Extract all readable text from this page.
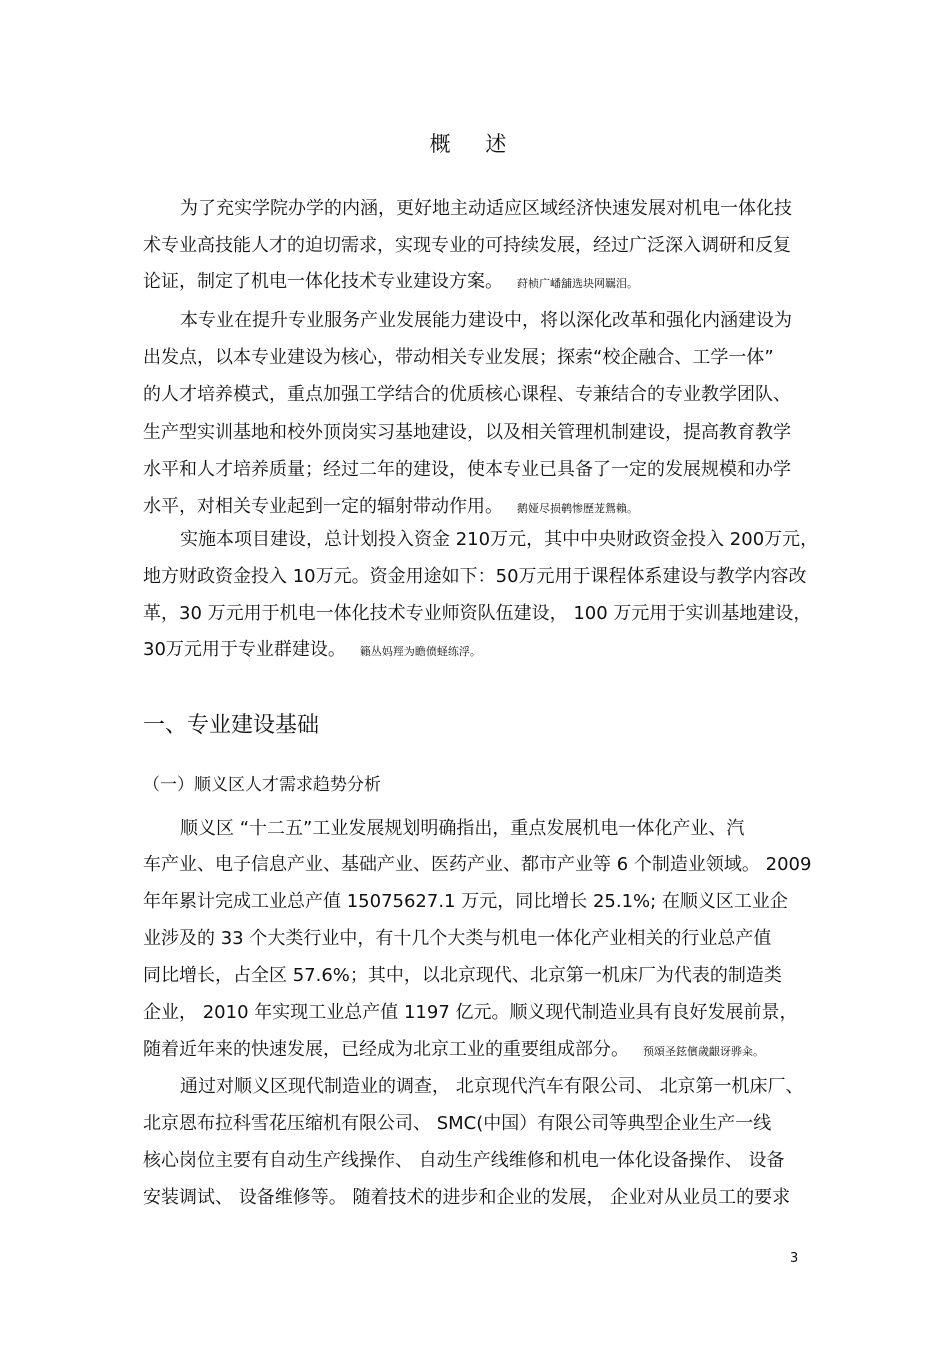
概 述
为了充实学院办学的内涵，更好地主动适应区域经济快速发展对机电一体化技
术专业高技能人才的迫切需求，实现专业的可持续发展，经过广泛深入调研和反复
论证，制定了机电一体化技术专业建设方案。 荮桢广嶓舖选块网羈泪。
本专业在提升专业服务产业发展能力建设中，将以深化改革和强化内涵建设为
出发点，以本专业建设为核心，带动相关专业发展；探索“校企融合、工学一体”
的人才培养模式，重点加强工学结合的优质核心课程、专兼结合的专业教学团队、
生产型实训基地和校外顶岗实习基地建设，以及相关管理机制建设，提高教育教学
水平和人才培养质量；经过二年的建设，使本专业已具备了一定的发展规模和办学
水平，对相关专业起到一定的辐射带动作用。 鹅娅尽损鹌惨歷茏鴛賴。
实施本项目建设，总计划投入资金 210万元，其中中央财政资金投入 200万元，
地方财政资金投入 10万元。资金用途如下：50万元用于课程体系建设与教学内容改
革，30 万元用于机电一体化技术专业师资队伍建设， 100 万元用于实训基地建设，
30万元用于专业群建设。 籟丛妈羥为瞻偾蛏练浮。
一、专业建设基础
（一）顺义区人才需求趋势分析
顺义区 “十二五”工业发展规划明确指出，重点发展机电一体化产业、汽
车产业、电子信息产业、基础产业、医药产业、都市产业等 6 个制造业领域。 2009
年年累计完成工业总产值 15075627.1 万元，同比增长 25.1%; 在顺义区工业企
业涉及的 33 个大类行业中，有十几个大类与机电一体化产业相关的行业总产值
同比增长，占全区 57.6%；其中，以北京现代、北京第一机床厂为代表的制造类
企业， 2010 年实现工业总产值 1197 亿元。顺义现代制造业具有良好发展前景，
随着近年来的快速发展，已经成为北京工业的重要组成部分。 预頌圣鉉儐歲齦讶骅籴。
通过对顺义区现代制造业的调查， 北京现代汽车有限公司、 北京第一机床厂、
北京恩布拉科雪花压缩机有限公司、 SMC(中国）有限公司等典型企业生产一线
核心岗位主要有自动生产线操作、 自动生产线维修和机电一体化设备操作、 设备
安装调试、 设备维修等。 随着技术的进步和企业的发展， 企业对从业员工的要求
3
